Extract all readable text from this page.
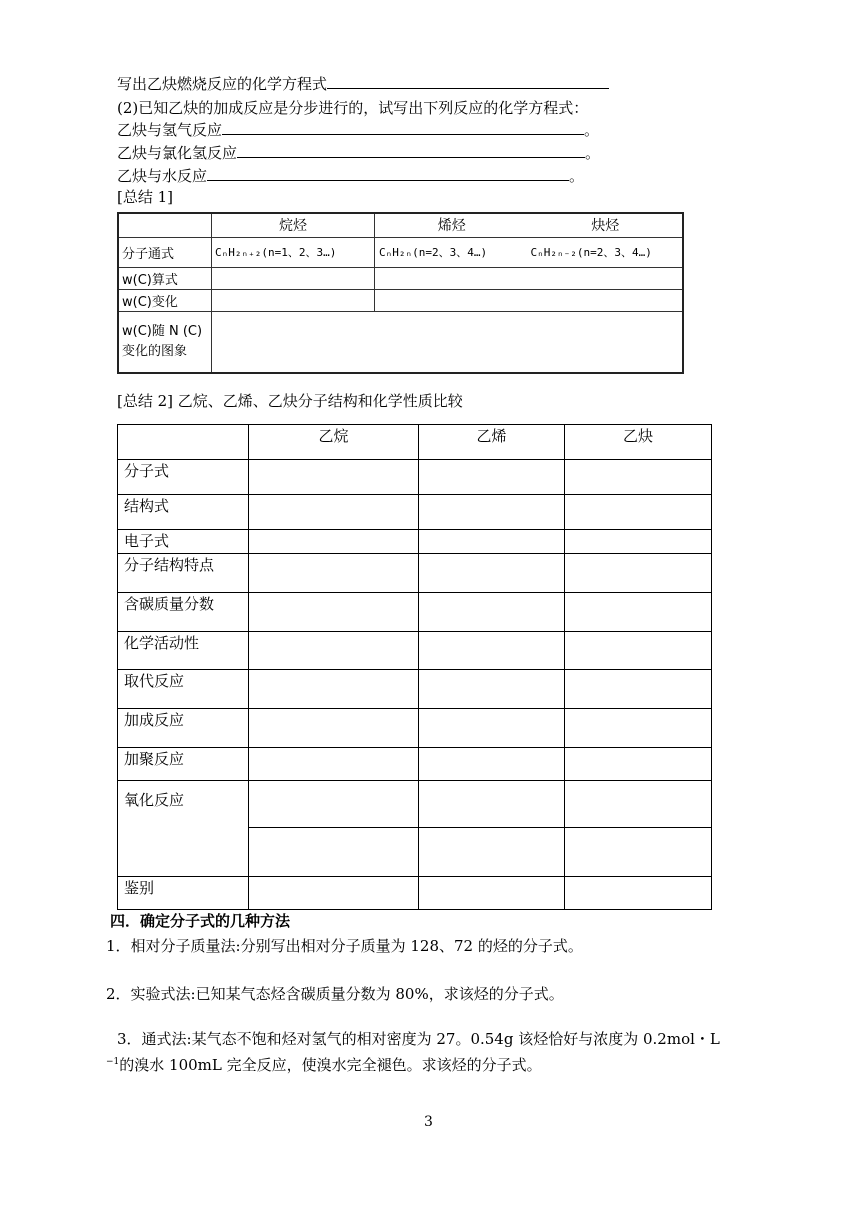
写出乙炔燃烧反应的化学方程式
(2)已知乙炔的加成反应是分步进行的，试写出下列反应的化学方程式：
乙炔与氢气反应	。
乙炔与氯化氢反应	。
乙炔与水反应	。
[总结 1]
	烷烃	烯烃 炔烃

分子通式	CₙH₂ₙ₊₂(n=1、2、3…)	CₙH₂ₙ(n=2、3、4…) CₙH₂ₙ₋₂(n=2、3、4…)

w(C)算式		
w(C)变化		
w(C)随 N (C)变化的图象		
[总结 2] 乙烷、乙烯、乙炔分子结构和化学性质比较
	乙烷	乙烯	乙炔
分子式			
结构式			
电子式			
分子结构特点			
含碳质量分数			
化学活动性			
取代反应			
加成反应			
加聚反应			
氧化反应			

鉴别			
四．确定分子式的几种方法
1．相对分子质量法:分别写出相对分子质量为 128、72 的烃的分子式。
2．实验式法:已知某气态烃含碳质量分数为 80%，求该烃的分子式。
3．通式法:某气态不饱和烃对氢气的相对密度为 27。0.54g 该烃恰好与浓度为 0.2mol・L
$^{-1}$的溴水 100mL 完全反应，使溴水完全褪色。求该烃的分子式。
3
